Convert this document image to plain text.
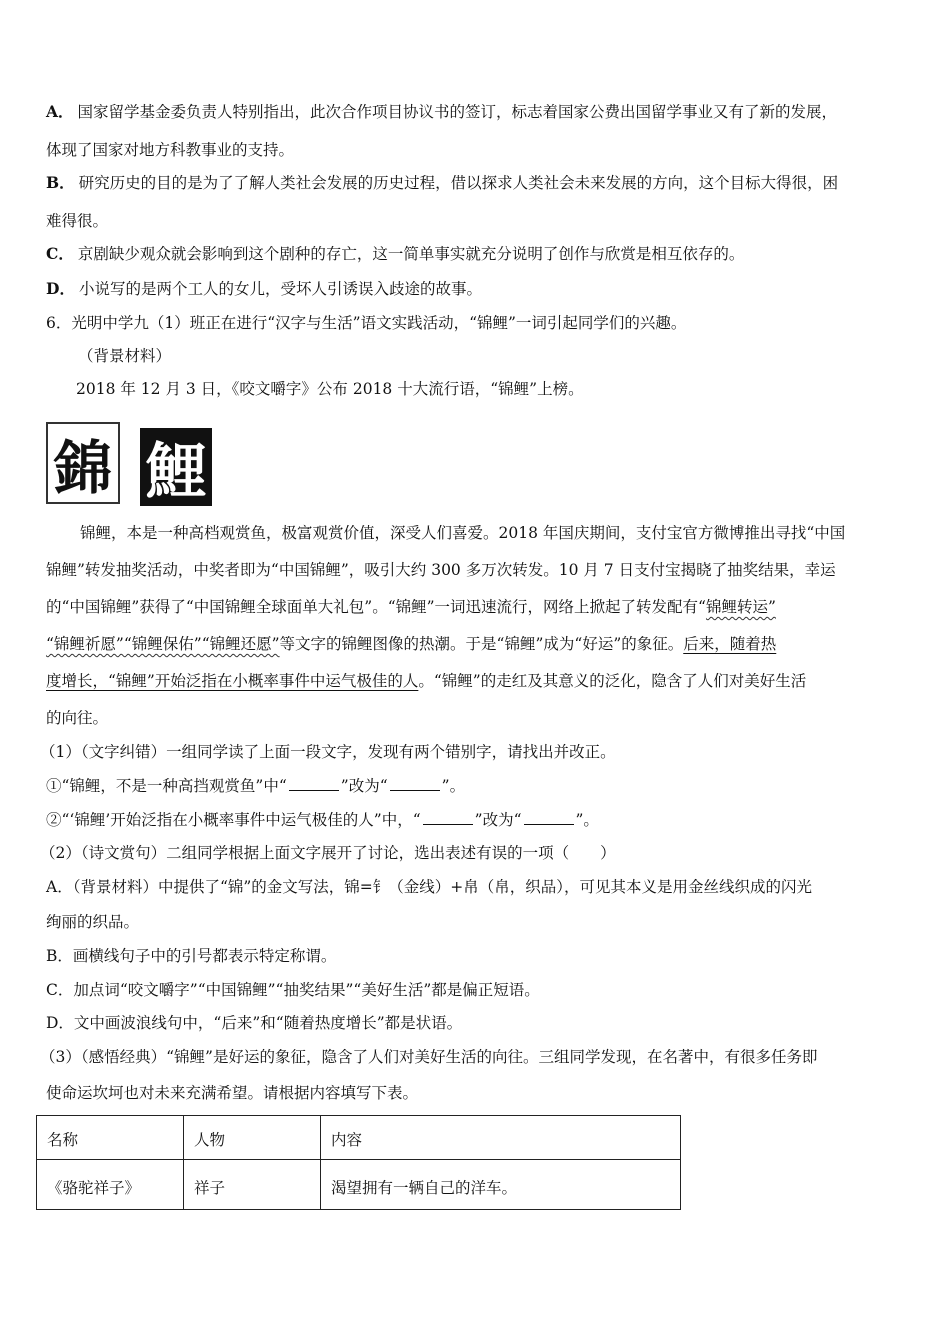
A． 国家留学基金委负责人特别指出，此次合作项目协议书的签订，标志着国家公费出国留学事业又有了新的发展，
体现了国家对地方科教事业的支持。
B． 研究历史的目的是为了了解人类社会发展的历史过程，借以探求人类社会未来发展的方向，这个目标大得很，困
难得很。
C． 京剧缺少观众就会影响到这个剧种的存亡，这一简单事实就充分说明了创作与欣赏是相互依存的。
D． 小说写的是两个工人的女儿，受坏人引诱误入歧途的故事。
6．光明中学九（1）班正在进行“汉字与生活”语文实践活动，“锦鲤”一词引起同学们的兴趣。
（背景材料）
2018 年 12 月 3 日，《咬文嚼字》公布 2018 十大流行语，“锦鲤”上榜。
錦 鯉
锦鲤，本是一种高档观赏鱼，极富观赏价值，深受人们喜爱。2018 年国庆期间，支付宝官方微博推出寻找“中国
锦鲤”转发抽奖活动，中奖者即为“中国锦鲤”，吸引大约 300 多万次转发。10 月 7 日支付宝揭晓了抽奖结果，幸运
的“中国锦鲤”获得了“中国锦鲤全球面单大礼包”。“锦鲤”一词迅速流行，网络上掀起了转发配有“锦鲤转运”
“锦鲤祈愿”“锦鲤保佑”“锦鲤还愿”等文字的锦鲤图像的热潮。于是“锦鲤”成为“好运”的象征。后来，随着热
度增长，“锦鲤”开始泛指在小概率事件中运气极佳的人。“锦鲤”的走红及其意义的泛化，隐含了人们对美好生活
的向往。
（1）（文字纠错）一组同学读了上面一段文字，发现有两个错别字，请找出并改正。
①“锦鲤，不是一种高挡观赏鱼”中“	”改为“	”。
②“‘锦鲤’开始泛指在小概率事件中运气极佳的人”中，“	”改为“	”。
（2）（诗文赏句）二组同学根据上面文字展开了讨论，选出表述有误的一项（　　）
A．（背景材料）中提供了“锦”的金文写法，锦=钅（金线）+帛（帛，织品），可见其本义是用金丝线织成的闪光
绚丽的织品。
B．画横线句子中的引号都表示特定称谓。
C．加点词“咬文嚼字”“中国锦鲤”“抽奖结果”“美好生活”都是偏正短语。
D．文中画波浪线句中，“后来”和“随着热度增长”都是状语。
（3）（感悟经典）“锦鲤”是好运的象征，隐含了人们对美好生活的向往。三组同学发现，在名著中，有很多任务即
使命运坎坷也对未来充满希望。请根据内容填写下表。
名称	人物	内容
《骆驼祥子》	祥子	渴望拥有一辆自己的洋车。
